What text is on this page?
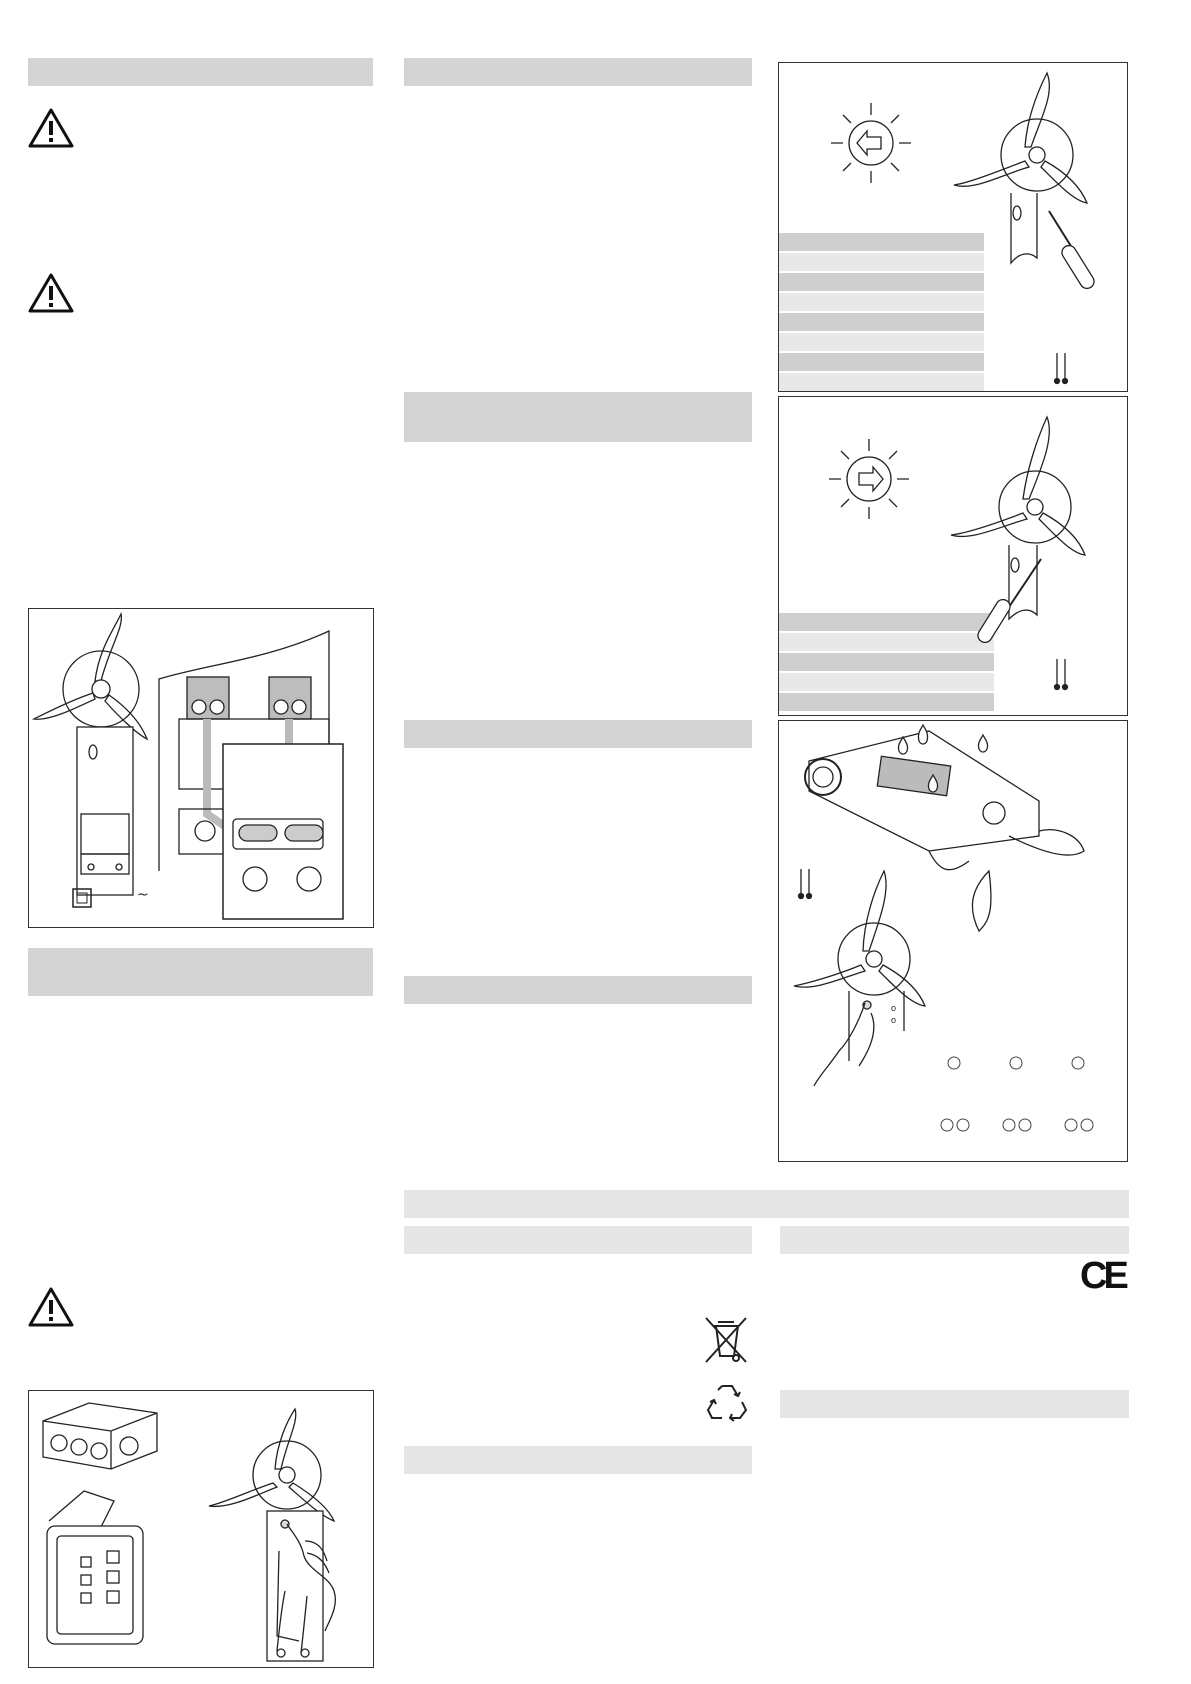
~
o
o
CE
